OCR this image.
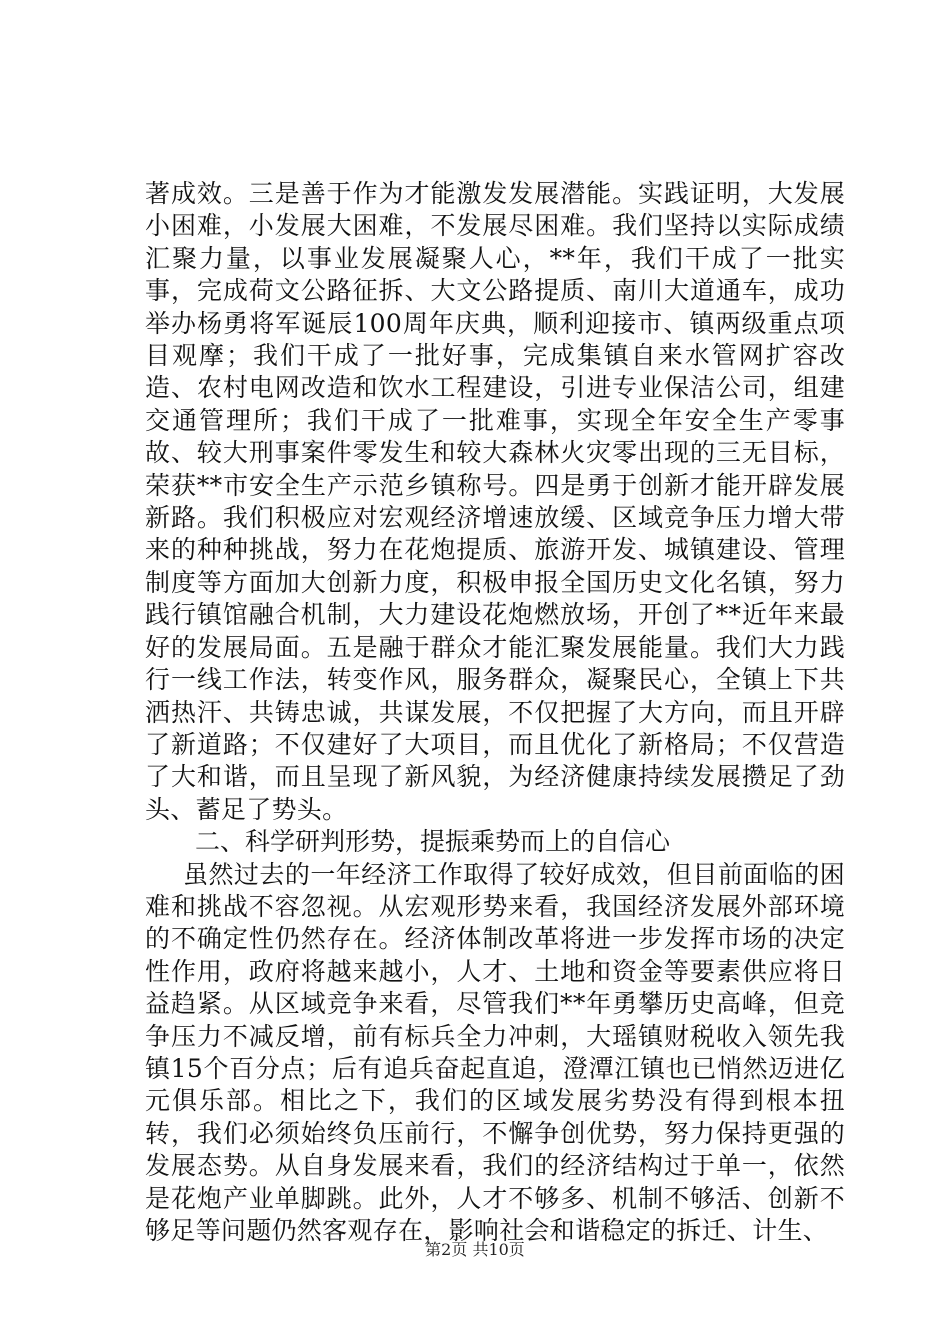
著成效。三是善于作为才能激发发展潜能。实践证明，大发展小困难，小发展大困难，不发展尽困难。我们坚持以实际成绩汇聚力量，以事业发展凝聚人心，**年，我们干成了一批实事，完成荷文公路征拆、大文公路提质、南川大道通车，成功举办杨勇将军诞辰100周年庆典，顺利迎接市、镇两级重点项目观摩；我们干成了一批好事，完成集镇自来水管网扩容改造、农村电网改造和饮水工程建设，引进专业保洁公司，组建交通管理所；我们干成了一批难事，实现全年安全生产零事故、较大刑事案件零发生和较大森林火灾零出现的三无目标，荣获**市安全生产示范乡镇称号。四是勇于创新才能开辟发展新路。我们积极应对宏观经济增速放缓、区域竞争压力增大带来的种种挑战，努力在花炮提质、旅游开发、城镇建设、管理制度等方面加大创新力度，积极申报全国历史文化名镇，努力践行镇馆融合机制，大力建设花炮燃放场，开创了**近年来最好的发展局面。五是融于群众才能汇聚发展能量。我们大力践行一线工作法，转变作风，服务群众，凝聚民心，全镇上下共洒热汗、共铸忠诚，共谋发展，不仅把握了大方向，而且开辟了新道路；不仅建好了大项目，而且优化了新格局；不仅营造了大和谐，而且呈现了新风貌，为经济健康持续发展攒足了劲头、蓄足了势头。

二、科学研判形势，提振乘势而上的自信心

虽然过去的一年经济工作取得了较好成效，但目前面临的困难和挑战不容忽视。从宏观形势来看，我国经济发展外部环境的不确定性仍然存在。经济体制改革将进一步发挥市场的决定性作用，政府将越来越小，人才、土地和资金等要素供应将日益趋紧。从区域竞争来看，尽管我们**年勇攀历史高峰，但竞争压力不减反增，前有标兵全力冲刺，大瑶镇财税收入领先我镇15个百分点；后有追兵奋起直追，澄潭江镇也已悄然迈进亿元俱乐部。相比之下，我们的区域发展劣势没有得到根本扭转，我们必须始终负压前行，不懈争创优势，努力保持更强的发展态势。从自身发展来看，我们的经济结构过于单一，依然是花炮产业单脚跳。此外，人才不够多、机制不够活、创新不够足等问题仍然客观存在，影响社会和谐稳定的拆迁、计生、

第2页 共10页
